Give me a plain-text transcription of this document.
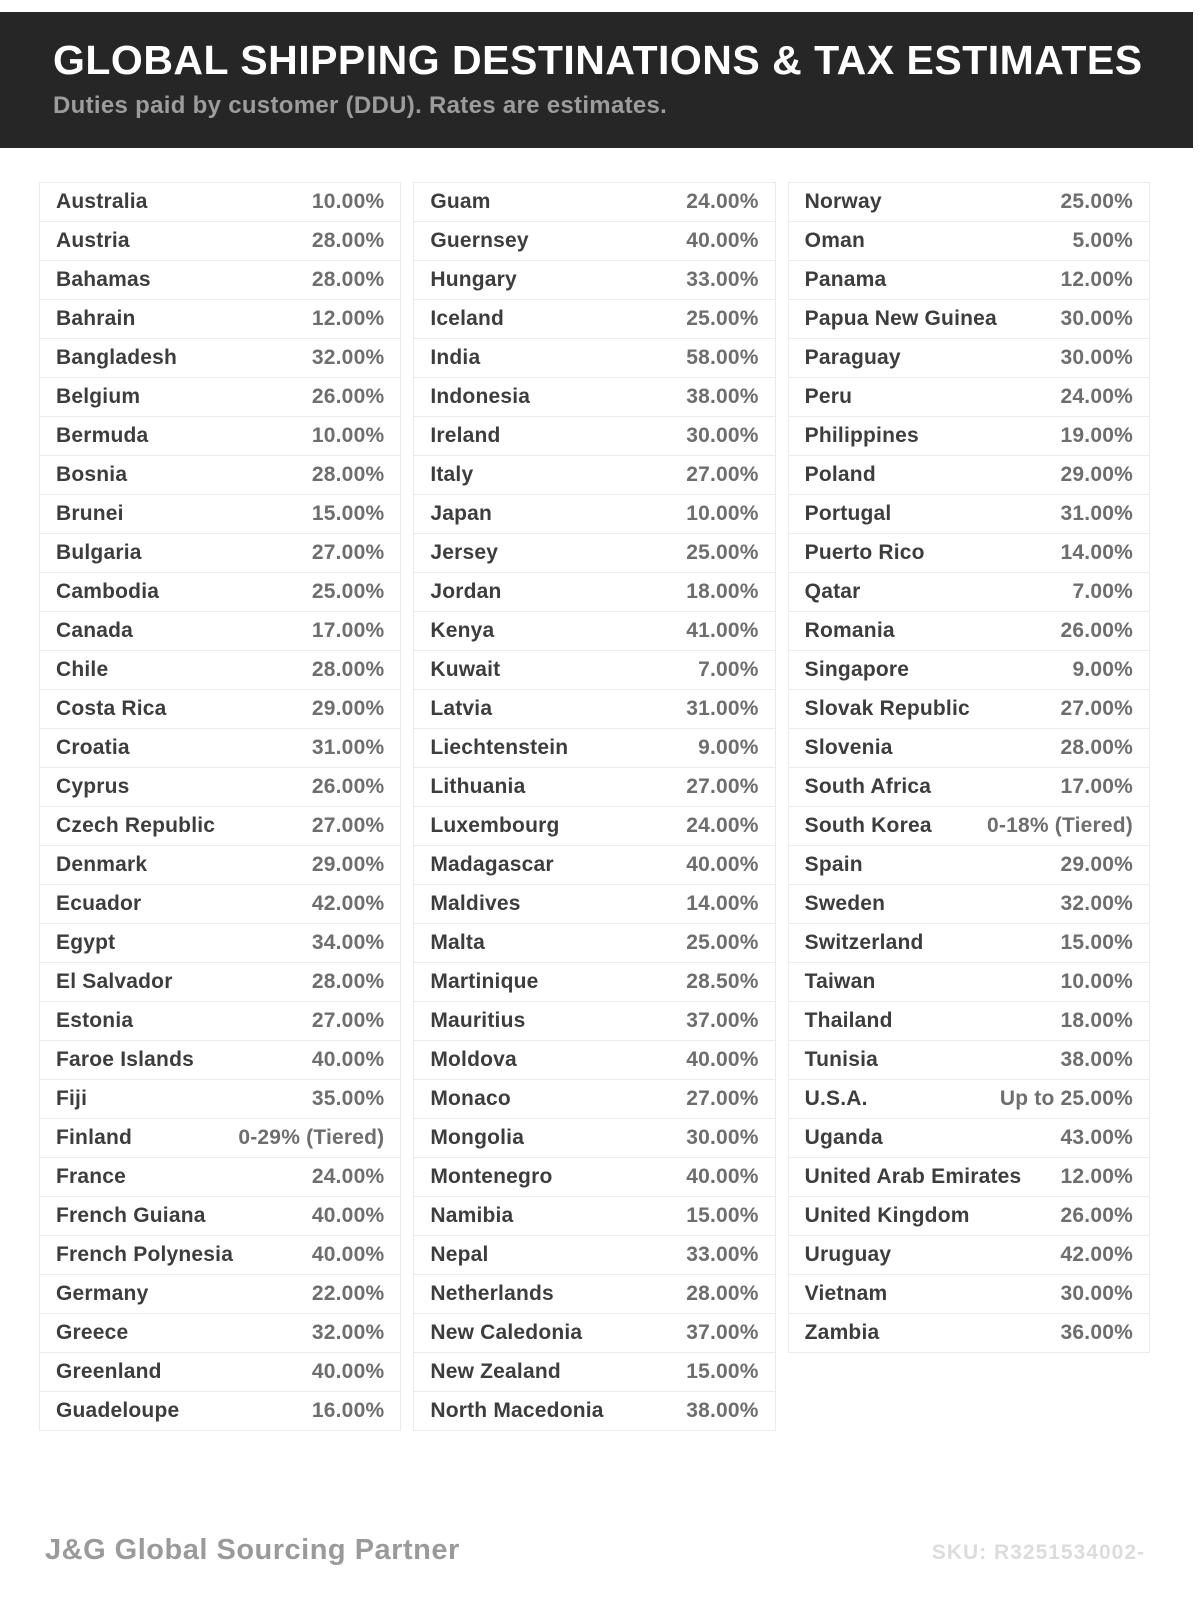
GLOBAL SHIPPING DESTINATIONS & TAX ESTIMATES
Duties paid by customer (DDU). Rates are estimates.
Australia	10.00%
Austria	28.00%
Bahamas	28.00%
Bahrain	12.00%
Bangladesh	32.00%
Belgium	26.00%
Bermuda	10.00%
Bosnia	28.00%
Brunei	15.00%
Bulgaria	27.00%
Cambodia	25.00%
Canada	17.00%
Chile	28.00%
Costa Rica	29.00%
Croatia	31.00%
Cyprus	26.00%
Czech Republic	27.00%
Denmark	29.00%
Ecuador	42.00%
Egypt	34.00%
El Salvador	28.00%
Estonia	27.00%
Faroe Islands	40.00%
Fiji	35.00%
Finland	0-29% (Tiered)
France	24.00%
French Guiana	40.00%
French Polynesia	40.00%
Germany	22.00%
Greece	32.00%
Greenland	40.00%
Guadeloupe	16.00%
Guam	24.00%
Guernsey	40.00%
Hungary	33.00%
Iceland	25.00%
India	58.00%
Indonesia	38.00%
Ireland	30.00%
Italy	27.00%
Japan	10.00%
Jersey	25.00%
Jordan	18.00%
Kenya	41.00%
Kuwait	7.00%
Latvia	31.00%
Liechtenstein	9.00%
Lithuania	27.00%
Luxembourg	24.00%
Madagascar	40.00%
Maldives	14.00%
Malta	25.00%
Martinique	28.50%
Mauritius	37.00%
Moldova	40.00%
Monaco	27.00%
Mongolia	30.00%
Montenegro	40.00%
Namibia	15.00%
Nepal	33.00%
Netherlands	28.00%
New Caledonia	37.00%
New Zealand	15.00%
North Macedonia	38.00%
Norway	25.00%
Oman	5.00%
Panama	12.00%
Papua New Guinea	30.00%
Paraguay	30.00%
Peru	24.00%
Philippines	19.00%
Poland	29.00%
Portugal	31.00%
Puerto Rico	14.00%
Qatar	7.00%
Romania	26.00%
Singapore	9.00%
Slovak Republic	27.00%
Slovenia	28.00%
South Africa	17.00%
South Korea	0-18% (Tiered)
Spain	29.00%
Sweden	32.00%
Switzerland	15.00%
Taiwan	10.00%
Thailand	18.00%
Tunisia	38.00%
U.S.A.	Up to 25.00%
Uganda	43.00%
United Arab Emirates 12.00%
United Kingdom	26.00%
Uruguay	42.00%
Vietnam	30.00%
Zambia	36.00%
J&G Global Sourcing Partner	SKU: R3251534002-
